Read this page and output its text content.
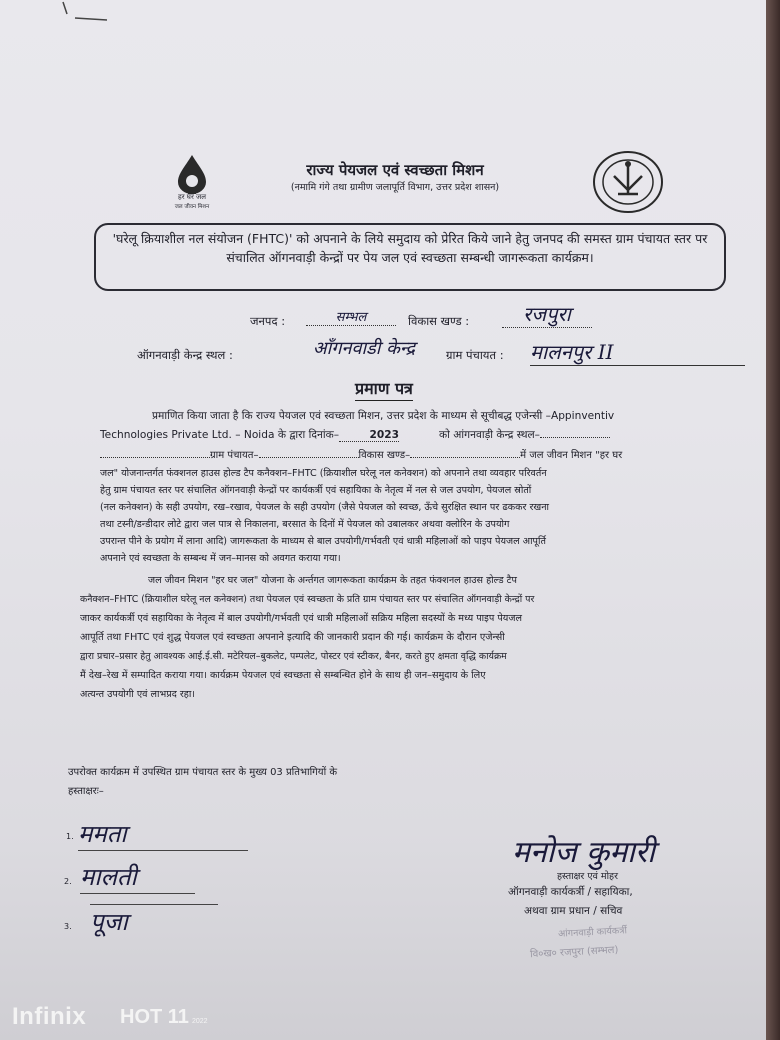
हर घर जल
जल जीवन मिशन
राज्य पेयजल एवं स्वच्छता मिशन
(नमामि गंगे तथा ग्रामीण जलापूर्ति विभाग, उत्तर प्रदेश शासन)

'घरेलू क्रियाशील नल संयोजन (FHTC)' को अपनाने के लिये समुदाय को प्रेरित किये जाने हेतु जनपद की समस्त ग्राम पंचायत स्तर पर संचालित ऑगनवाड़ी केन्द्रों पर पेय जल एवं स्वच्छता सम्बन्धी जागरूकता कार्यक्रम।

जनपद :	सम्भल	विकास खण्ड :	रजपुरा
ऑगनवाड़ी केन्द्र स्थल :	आँगनवाडी केन्द्र	ग्राम पंचायत : मालनपुर II
प्रमाण पत्र
प्रमाणित किया जाता है कि राज्य पेयजल एवं स्वच्छता मिशन, उत्तर प्रदेश के माध्यम से सूचीबद्ध एजेन्सी –Appinventiv
Technologies Private Ltd. – Noida के द्वारा दिनांक–	2023	को आंगनवाड़ी केन्द्र स्थल–
ग्राम पंचायत–	विकास खण्ड–	में जल जीवन मिशन "हर घर
जल" योजनान्तर्गत फंक्शनल हाउस होल्ड टैप कनैक्शन–FHTC (क्रियाशील घरेलू नल कनेक्शन) को अपनाने तथा व्यवहार परिवर्तन
हेतु ग्राम पंचायत स्तर पर संचालित ऑगनवाड़ी केन्द्रों पर कार्यकर्त्री एवं सहायिका के नेतृत्व में नल से जल उपयोग, पेयजल स्रोतों
(नल कनेक्शन) के सही उपयोग, रख–रखाव, पेयजल के सही उपयोग (जैसे पेयजल को स्वच्छ, ऊँचे सुरक्षित स्थान पर ढककर रखना
तथा टस्नी/डन्डीदार लोटे द्वारा जल पात्र से निकालना, बरसात के दिनों में पेयजल को उबालकर अथवा क्लोरिन के उपयोग
उपरान्त पीने के प्रयोग में लाना आदि) जागरूकता के माध्यम से बाल उपयोगी/गर्भवती एवं धात्री महिलाओं को पाइप पेयजल आपूर्ति
अपनाने एवं स्वच्छता के सम्बन्ध में जन–मानस को अवगत कराया गया।
जल जीवन मिशन "हर घर जल" योजना के अर्न्तगत जागरूकता कार्यक्रम के तहत फंक्शनल हाउस होल्ड टैप
कनैक्शन–FHTC (क्रियाशील घरेलू नल कनेक्शन) तथा पेयजल एवं स्वच्छता के प्रति ग्राम पंचायत स्तर पर संचालित ऑगनवाड़ी केन्द्रों पर
जाकर कार्यकर्त्री एवं सहायिका के नेतृत्व में बाल उपयोगी/गर्भवती एवं धात्री महिलाओं सक्रिय महिला सदस्यों के मध्य पाइप पेयजल
आपूर्ति तथा FHTC एवं शुद्ध पेयजल एवं स्वच्छता अपनाने इत्यादि की जानकारी प्रदान की गई। कार्यक्रम के दौरान एजेन्सी
द्वारा प्रचार–प्रसार हेतु आवश्यक आई.ई.सी. मटेरियल–बुकलेट, पम्पलेट, पोस्टर एवं स्टीकर, बैनर, करते हुए क्षमता वृद्धि कार्यक्रम
मैं देख–रेख में सम्पादित कराया गया। कार्यक्रम पेयजल एवं स्वच्छता से सम्बन्धित होने के साथ ही जन–समुदाय के लिए
अत्यन्त उपयोगी एवं लाभप्रद रहा।
उपरोक्त कार्यक्रम में उपस्थित ग्राम पंचायत स्तर के मुख्य 03 प्रतिभागियों के
हस्ताक्षरः–
1. ममता
2. मालती
3. पूजा
मनोज कुमारी
हस्ताक्षर एवं मोहर
ऑगनवाड़ी कार्यकर्त्री / सहायिका,
अथवा ग्राम प्रधान / सचिव
आंगनवाड़ी कार्यकर्त्री
वि०ख० रजपुरा (सम्भल)
Infinix HOT 11 2022
